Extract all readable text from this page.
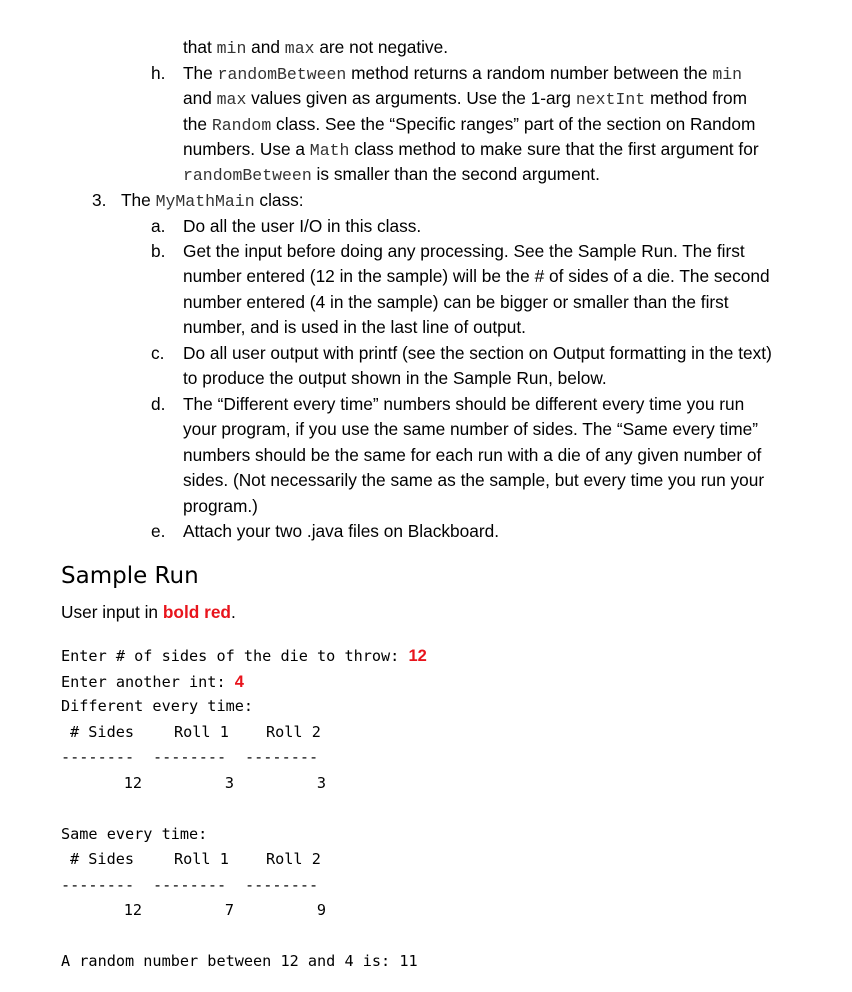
that min and max are not negative.
h. The randomBetween method returns a random number between the min
and max values given as arguments. Use the 1-arg nextInt method from
the Random class. See the “Specific ranges” part of the section on Random
numbers. Use a Math class method to make sure that the first argument for
randomBetween is smaller than the second argument.
3. The MyMathMain class:
a. Do all the user I/O in this class.
b. Get the input before doing any processing. See the Sample Run. The first
number entered (12 in the sample) will be the # of sides of a die. The second
number entered (4 in the sample) can be bigger or smaller than the first
number, and is used in the last line of output.
c. Do all user output with printf (see the section on Output formatting in the text)
to produce the output shown in the Sample Run, below.
d. The “Different every time” numbers should be different every time you run
your program, if you use the same number of sides. The “Same every time”
numbers should be the same for each run with a die of any given number of
sides. (Not necessarily the same as the sample, but every time you run your
program.)
e. Attach your two .java files on Blackboard.
Sample Run
User input in bold red.
Enter # of sides of the die to throw: 12
Enter another int: 4
Different every time:
# Sides	Roll 1 Roll 2
-------- -------- --------
12	3	3
Same every time:
# Sides	Roll 1 Roll 2
-------- -------- --------
12	7	9
A random number between 12 and 4 is: 11
